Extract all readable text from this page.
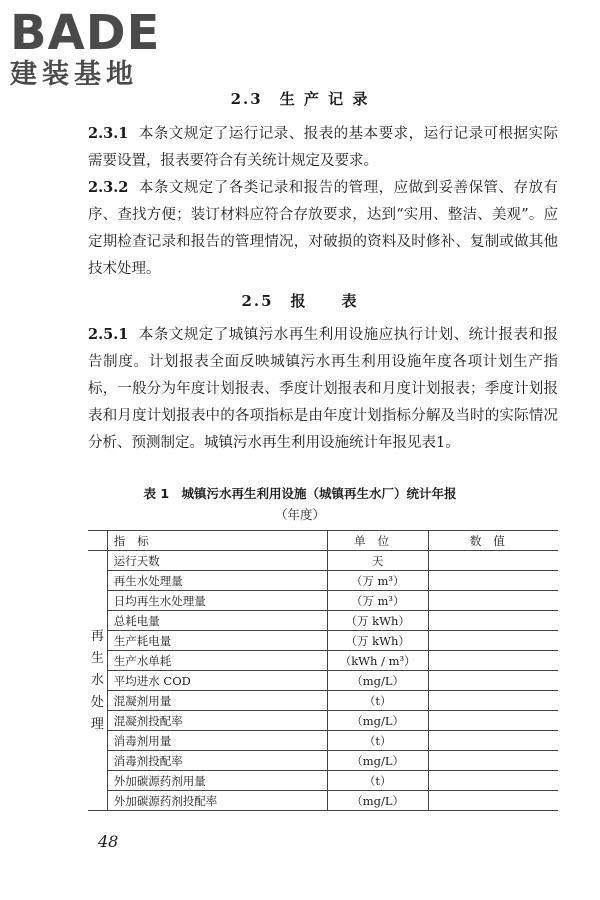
BADE
建装基地
2.3　生 产 记 录

2.3.1 本条文规定了运行记录、报表的基本要求，运行记录可根据实际需要设置，报表要符合有关统计规定及要求。

2.3.2 本条文规定了各类记录和报告的管理，应做到妥善保管、存放有序、查找方便；装订材料应符合存放要求，达到“实用、整洁、美观”。应定期检查记录和报告的管理情况，对破损的资料及时修补、复制或做其他技术处理。

2.5　报　　表

2.5.1 本条文规定了城镇污水再生利用设施应执行计划、统计报表和报告制度。计划报表全面反映城镇污水再生利用设施年度各项计划生产指标，一般分为年度计划报表、季度计划报表和月度计划报表；季度计划报表和月度计划报表中的各项指标是由年度计划指标分解及当时的实际情况分析、预测制定。城镇污水再生利用设施统计年报见表1。

表 1　城镇污水再生利用设施（城镇再生水厂）统计年报
（年度）
	指标	单位	数值

再
生
水
处
理	运行天数	天	
	再生水处理量	（万 m³）	
	日均再生水处理量	（万 m³）	
	总耗电量	（万 kWh）	
	生产耗电量	（万 kWh）	
	生产水单耗	（kWh / m³）	
	平均进水 COD	（mg/L）	
	混凝剂用量	（t）	
	混凝剂投配率	（mg/L）	
	消毒剂用量	（t）	
	消毒剂投配率	（mg/L）	
	外加碳源药剂用量	（t）	
	外加碳源药剂投配率	（mg/L）	
48
